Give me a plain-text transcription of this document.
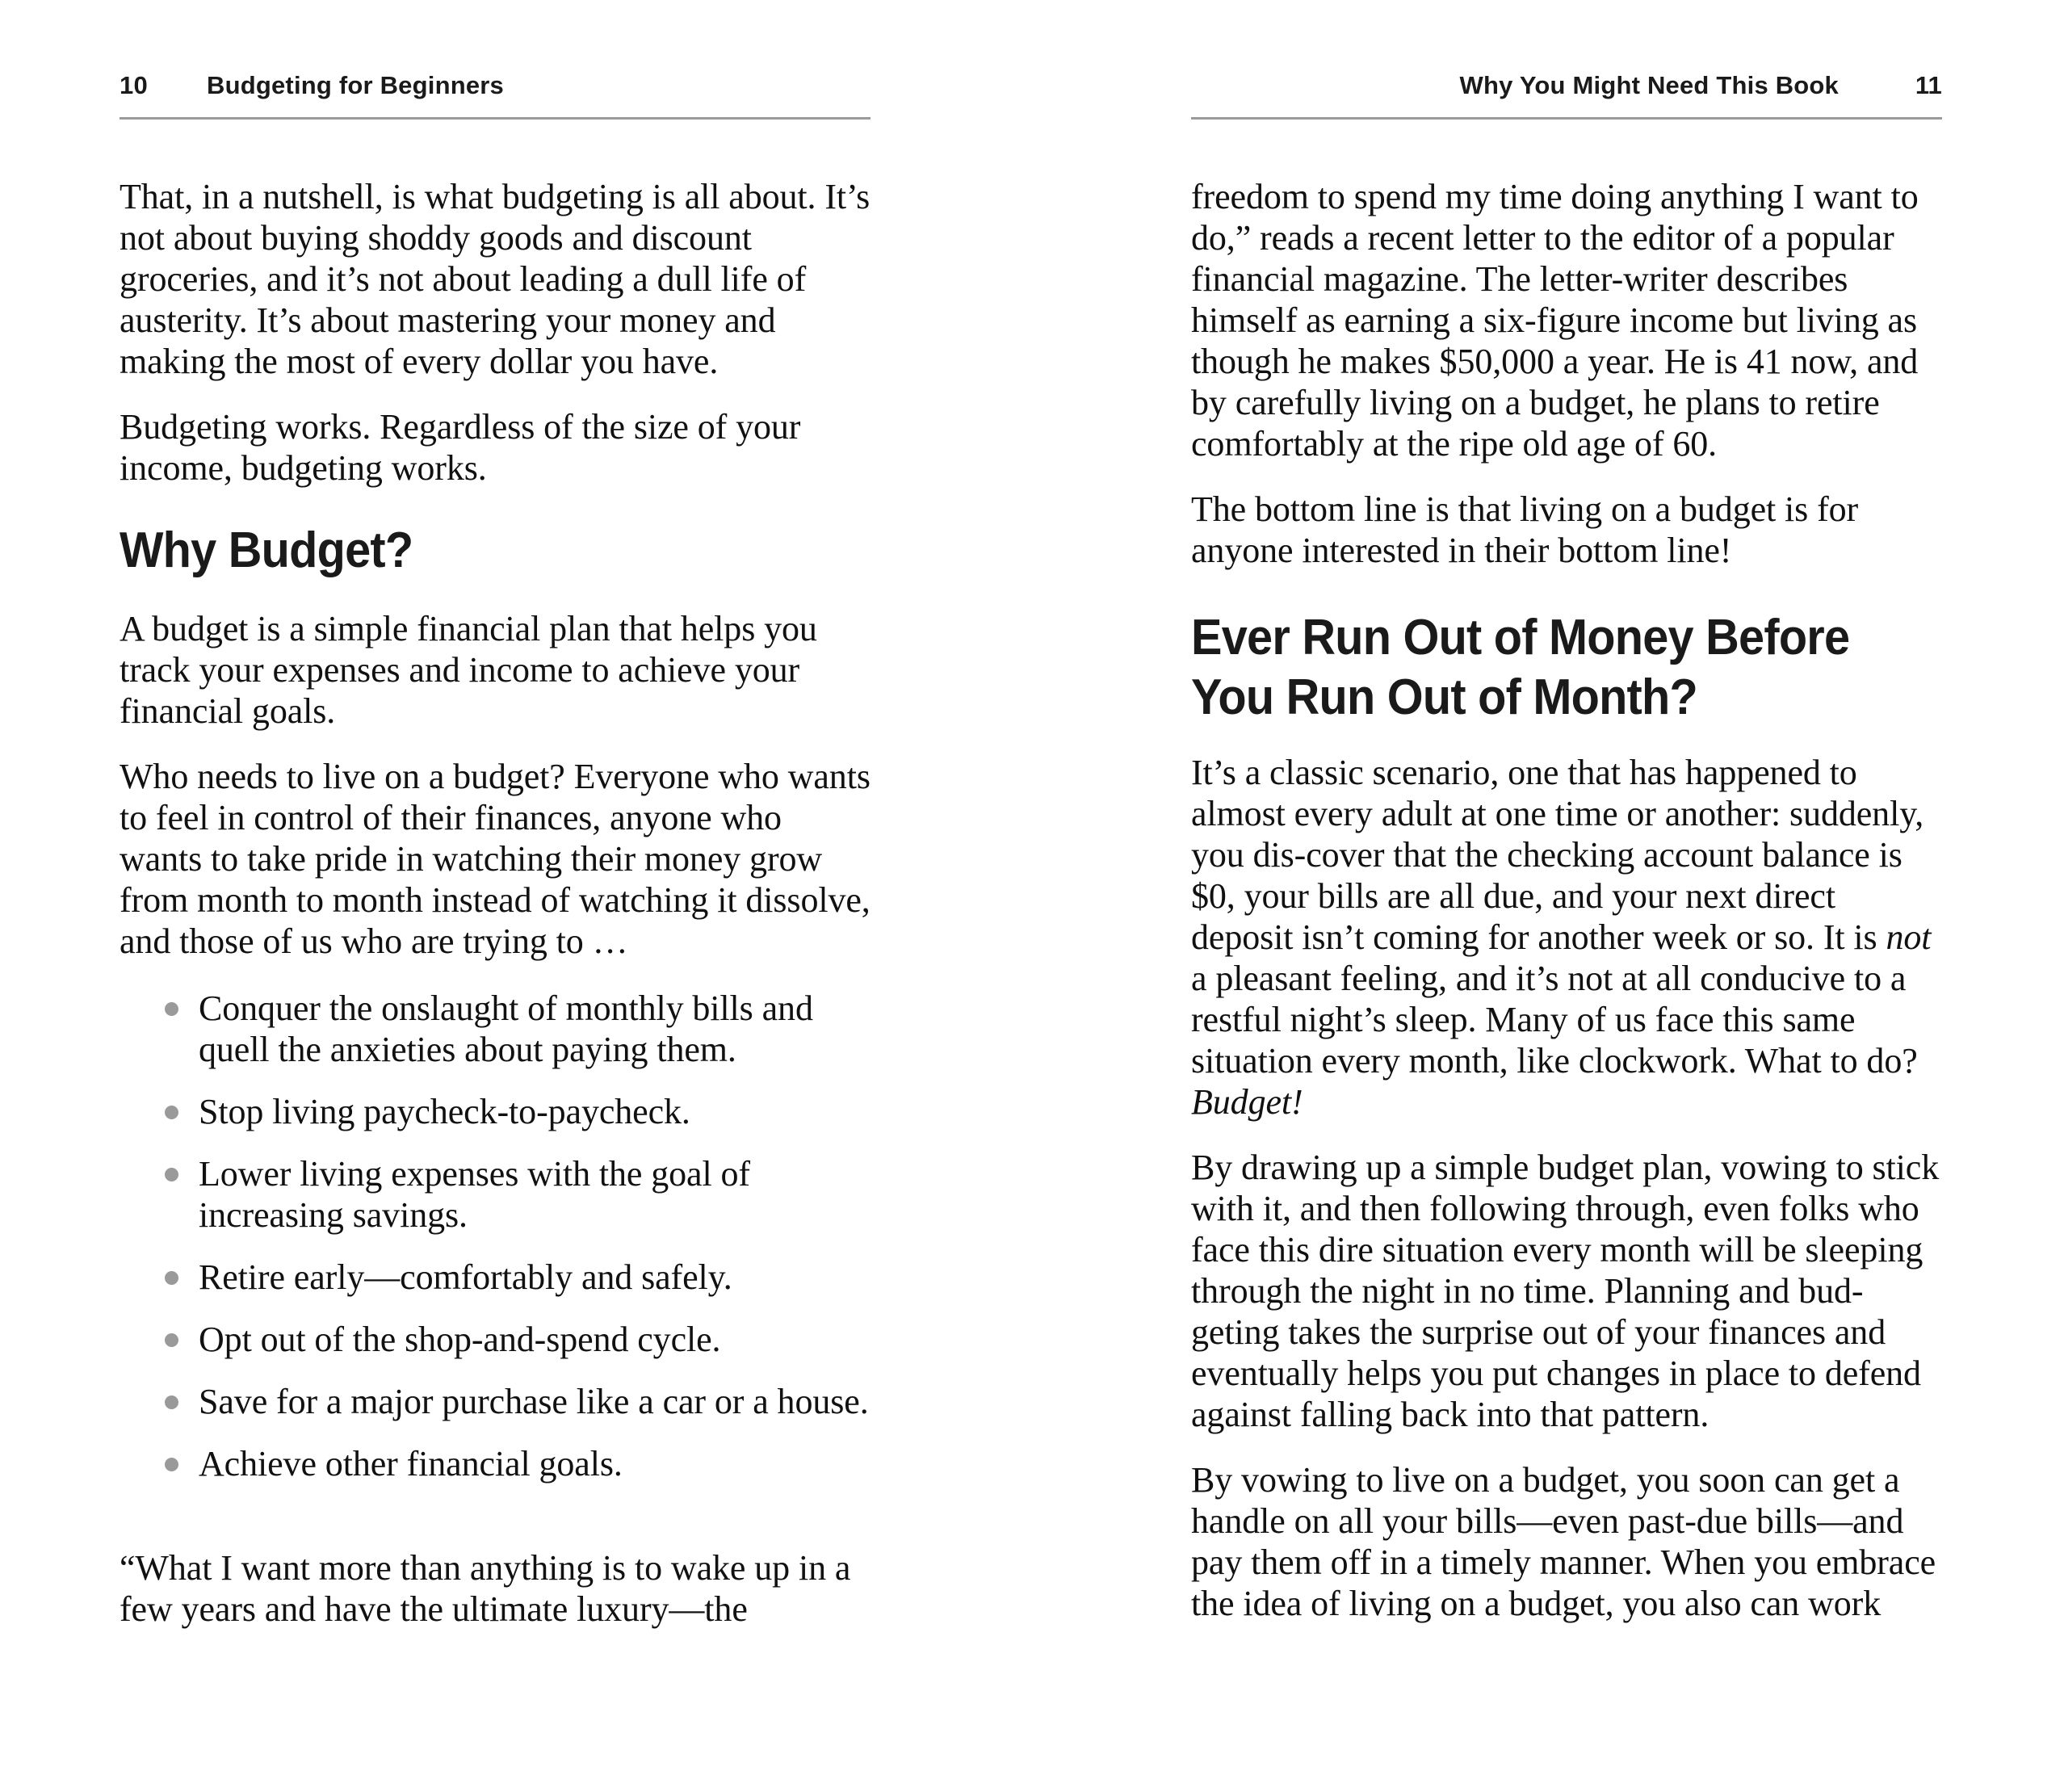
10	Budgeting for Beginners

That, in a nutshell, is what budgeting is all about. It’s not about buying shoddy goods and discount groceries, and it’s not about leading a dull life of austerity. It’s about mastering your money and making the most of every dollar you have.

Budgeting works. Regardless of the size of your income, budgeting works.

Why Budget?

A budget is a simple financial plan that helps you track your expenses and income to achieve your financial goals.

Who needs to live on a budget? Everyone who wants to feel in control of their finances, anyone who wants to take pride in watching their money grow from month to month instead of watching it dissolve, and those of us who are trying to …

Conquer the onslaught of monthly bills and quell the anxieties about paying them.
Stop living paycheck-to-paycheck.
Lower living expenses with the goal of increasing savings.
Retire early—comfortably and safely.
Opt out of the shop-and-spend cycle.
Save for a major purchase like a car or a house.
Achieve other financial goals.

“What I want more than anything is to wake up in a few years and have the ultimate luxury—the

Why You Might Need This Book	11

freedom to spend my time doing anything I want to do,” reads a recent letter to the editor of a popular financial magazine. The letter-writer describes himself as earning a six-figure income but living as though he makes $50,000 a year. He is 41 now, and by carefully living on a budget, he plans to retire comfortably at the ripe old age of 60.

The bottom line is that living on a budget is for anyone interested in their bottom line!

Ever Run Out of Money Before You Run Out of Month?

It’s a classic scenario, one that has happened to almost every adult at one time or another: suddenly, you dis-cover that the checking account balance is $0, your bills are all due, and your next direct deposit isn’t coming for another week or so. It is not a pleasant feeling, and it’s not at all conducive to a restful night’s sleep. Many of us face this same situation every month, like clockwork. What to do? Budget!

By drawing up a simple budget plan, vowing to stick with it, and then following through, even folks who face this dire situation every month will be sleeping through the night in no time. Planning and bud-geting takes the surprise out of your finances and eventually helps you put changes in place to defend against falling back into that pattern.

By vowing to live on a budget, you soon can get a handle on all your bills—even past-due bills—and pay them off in a timely manner. When you embrace the idea of living on a budget, you also can work
